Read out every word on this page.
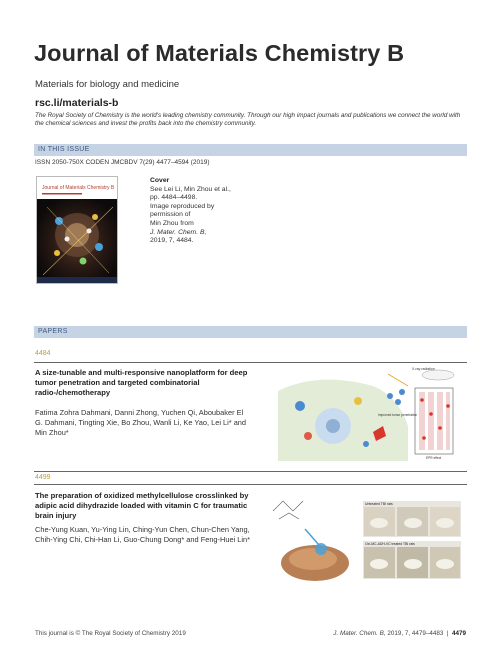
Journal of Materials Chemistry B
Materials for biology and medicine
rsc.li/materials-b
The Royal Society of Chemistry is the world's leading chemistry community. Through our high impact journals and publications we connect the world with the chemical sciences and invest the profits back into the chemistry community.
IN THIS ISSUE
ISSN 2050-750X CODEN JMCBDV 7(29) 4477–4594 (2019)
Journal of Materials Chemistry B
Cover
See Lei Li, Min Zhou et al.,
pp. 4484–4498.
Image reproduced by
permission of
Min Zhou from
J. Mater. Chem. B,
2019, 7, 4484.
PAPERS
4484
A size-tunable and multi-responsive nanoplatform for deep tumor penetration and targeted combinatorial radio-/chemotherapy
Fatima Zohra Dahmani, Danni Zhong, Yuchen Qi, Aboubaker El G. Dahmani, Tingting Xie, Bo Zhou, Wanli Li, Ke Yao, Lei Li* and Min Zhou*
X-ray radiation
Improved tumor penetration
EPR effect
4499
The preparation of oxidized methylcellulose crosslinked by adipic acid dihydrazide loaded with vitamin C for traumatic brain injury
Che-Yung Kuan, Yu-Ying Lin, Ching-Yun Chen, Chun-Chen Yang, Chih-Ying Chi, Chi-Han Li, Guo-Chung Dong* and Feng-Huei Lin*
Untreated TBI rats
Oxi-MC-ADH-VC treated TBI rats
This journal is © The Royal Society of Chemistry 2019	J. Mater. Chem. B, 2019, 7, 4479–4483  |  4479
